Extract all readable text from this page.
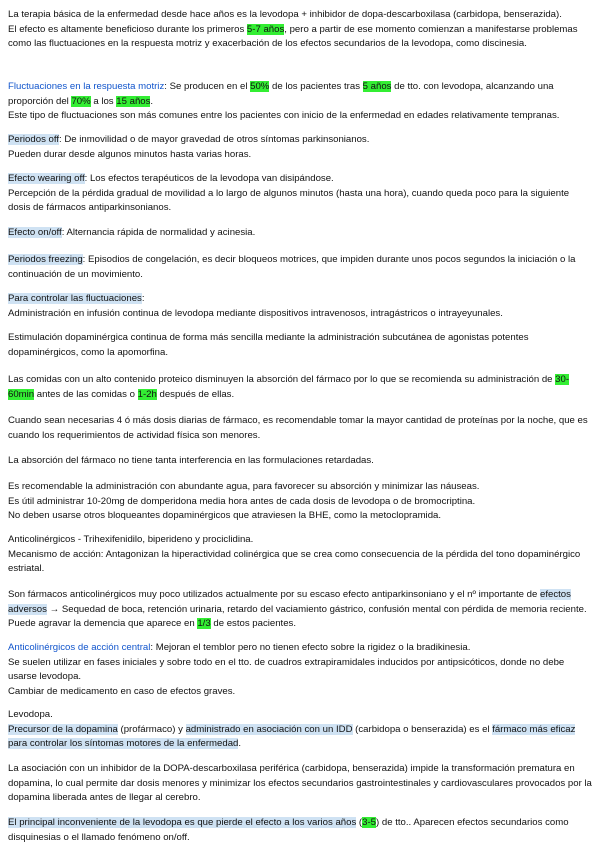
La terapia básica de la enfermedad desde hace años es la levodopa + inhibidor de dopa-descarboxilasa (carbidopa, benserazida).
El efecto es altamente beneficioso durante los primeros 5-7 años, pero a partir de ese momento comienzan a manifestarse problemas como las fluctuaciones en la respuesta motriz y exacerbación de los efectos secundarios de la levodopa, como discinesia.

Fluctuaciones en la respuesta motriz: Se producen en el 50% de los pacientes tras 5 años de tto. con levodopa, alcanzando una proporción del 70% a los 15 años.
Este tipo de fluctuaciones son más comunes entre los pacientes con inicio de la enfermedad en edades relativamente tempranas.

Periodos off: De inmovilidad o de mayor gravedad de otros síntomas parkinsonianos.
Pueden durar desde algunos minutos hasta varias horas.

Efecto wearing off: Los efectos terapéuticos de la levodopa van disipándose.
Percepción de la pérdida gradual de movilidad a lo largo de algunos minutos (hasta una hora), cuando queda poco para la siguiente dosis de fármacos antiparkinsonianos.

Efecto on/off: Alternancia rápida de normalidad y acinesia.

Periodos freezing: Episodios de congelación, es decir bloqueos motrices, que impiden durante unos pocos segundos la iniciación o la continuación de un movimiento.

Para controlar las fluctuaciones:
Administración en infusión continua de levodopa mediante dispositivos intravenosos, intragástricos o intrayeyunales.

Estimulación dopaminérgica continua de forma más sencilla mediante la administración subcutánea de agonistas potentes dopaminérgicos, como la apomorfina.

Las comidas con un alto contenido proteico disminuyen la absorción del fármaco por lo que se recomienda su administración de 30-60min antes de las comidas o 1-2h después de ellas.

Cuando sean necesarias 4 ó más dosis diarias de fármaco, es recomendable tomar la mayor cantidad de proteínas por la noche, que es cuando los requerimientos de actividad física son menores.

La absorción del fármaco no tiene tanta interferencia en las formulaciones retardadas.

Es recomendable la administración con abundante agua, para favorecer su absorción y minimizar las náuseas.
Es útil administrar 10-20mg de domperidona media hora antes de cada dosis de levodopa o de bromocriptina.
No deben usarse otros bloqueantes dopaminérgicos que atraviesen la BHE, como la metoclopramida.

Anticolinérgicos - Trihexifenidilo, biperideno y prociclidina.
Mecanismo de acción: Antagonizan la hiperactividad colinérgica que se crea como consecuencia de la pérdida del tono dopaminérgico estriatal.

Son fármacos anticolinérgicos muy poco utilizados actualmente por su escaso efecto antiparkinsoniano y el nº importante de efectos adversos → Sequedad de boca, retención urinaria, retardo del vaciamiento gástrico, confusión mental con pérdida de memoria reciente. Puede agravar la demencia que aparece en 1/3 de estos pacientes.

Anticolinérgicos de acción central: Mejoran el temblor pero no tienen efecto sobre la rigidez o la bradikinesia.
Se suelen utilizar en fases iniciales y sobre todo en el tto. de cuadros extrapiramidales inducidos por antipsicóticos, donde no debe usarse levodopa.
Cambiar de medicamento en caso de efectos graves.

Levodopa.
Precursor de la dopamina (profármaco) y administrado en asociación con un IDD (carbidopa o benserazida) es el fármaco más eficaz para controlar los síntomas motores de la enfermedad.

La asociación con un inhibidor de la DOPA-descarboxilasa periférica (carbidopa, benserazida) impide la transformación prematura en dopamina, lo cual permite dar dosis menores y minimizar los efectos secundarios gastrointestinales y cardiovasculares provocados por la dopamina liberada antes de llegar al cerebro.

El principal inconveniente de la levodopa es que pierde el efecto a los varios años (3-5) de tto.. Aparecen efectos secundarios como disquinesias o el llamado fenómeno on/off.
